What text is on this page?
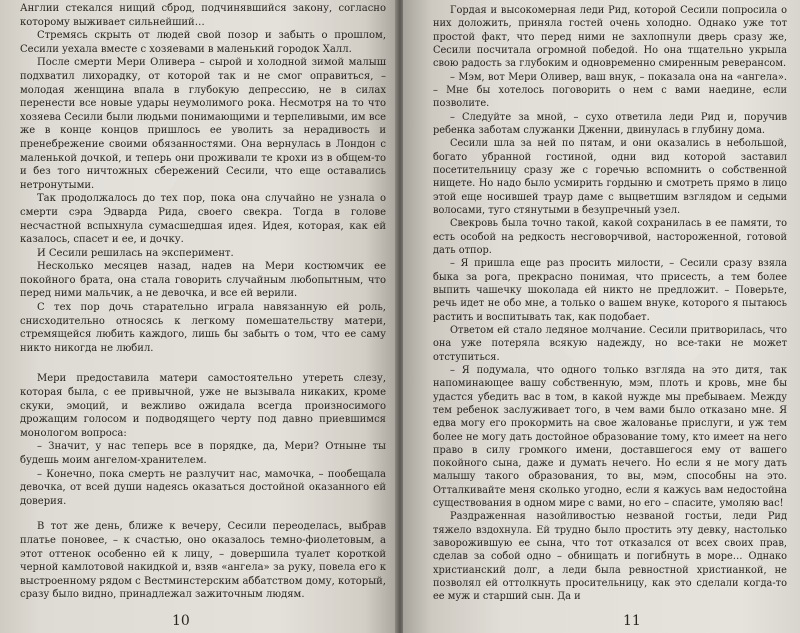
Англии стекался нищий сброд, подчинявшийся закону, согласно которому выживает сильнейший…

Стремясь скрыть от людей свой позор и забыть о прошлом, Сесили уехала вместе с хозяевами в маленький городок Халл.

После смерти Мери Оливера – сырой и холодной зимой малыш подхватил лихорадку, от которой так и не смог оправиться, – молодая женщина впала в глубокую депрессию, не в силах перенести все новые удары неумолимого рока. Несмотря на то что хозяева Сесили были людьми понимающими и терпеливыми, им все же в конце концов пришлось ее уволить за нерадивость и пренебрежение своими обязанностями. Она вернулась в Лондон с маленькой дочкой, и теперь они проживали те крохи из в общем-то и без того ничтожных сбережений Сесили, что еще оставались нетронутыми.

Так продолжалось до тех пор, пока она случайно не узнала о смерти сэра Эдварда Рида, своего свекра. Тогда в голове несчастной вспыхнула сумасшедшая идея. Идея, которая, как ей казалось, спасет и ее, и дочку.

И Сесили решилась на эксперимент.

Несколько месяцев назад, надев на Мери костюмчик ее покойного брата, она стала говорить случайным любопытным, что перед ними мальчик, а не девочка, и все ей верили.

С тех пор дочь старательно играла навязанную ей роль, снисходительно относясь к легкому помешательству матери, стремящейся любить каждого, лишь бы забыть о том, что ее саму никто никогда не любил.

Мери предоставила матери самостоятельно утереть слезу, которая была, с ее привычной, уже не вызывала никаких, кроме скуки, эмоций, и вежливо ожидала всегда произносимого дрожащим голосом и подводящего черту под давно приевшимся монологом вопроса:

– Значит, у нас теперь все в порядке, да, Мери? Отныне ты будешь моим ангелом-хранителем.

– Конечно, пока смерть не разлучит нас, мамочка, – пообещала девочка, от всей души надеясь оказаться достойной оказанного ей доверия.

В тот же день, ближе к вечеру, Сесили переоделась, выбрав платье поновее, – к счастью, оно оказалось темно-фиолетовым, а этот оттенок особенно ей к лицу, – довершила туалет короткой черной камлотовой накидкой и, взяв «ангела» за руку, повела его к выстроенному рядом с Вестминстерским аббатством дому, который, сразу было видно, принадлежал зажиточным людям.

10

Гордая и высокомерная леди Рид, которой Сесили попросила о них доложить, приняла гостей очень холодно. Однако уже тот простой факт, что перед ними не захлопнули дверь сразу же, Сесили посчитала огромной победой. Но она тщательно укрыла свою радость за глубоким и одновременно смиренным реверансом.

– Мэм, вот Мери Оливер, ваш внук, – показала она на «ангела». – Мне бы хотелось поговорить о нем с вами наедине, если позволите.

– Следуйте за мной, – сухо ответила леди Рид и, поручив ребенка заботам служанки Дженни, двинулась в глубину дома.

Сесили шла за ней по пятам, и они оказались в небольшой, богато убранной гостиной, одни вид которой заставил посетительницу сразу же с горечью вспомнить о собственной нищете. Но надо было усмирить гордыню и смотреть прямо в лицо этой еще носившей траур даме с выцветшим взглядом и седыми волосами, туго стянутыми в безупречный узел.

Свекровь была точно такой, какой сохранилась в ее памяти, то есть особой на редкость несговорчивой, настороженной, готовой дать отпор.

– Я пришла еще раз просить милости, – Сесили сразу взяла быка за рога, прекрасно понимая, что присесть, а тем более выпить чашечку шоколада ей никто не предложит. – Поверьте, речь идет не обо мне, а только о вашем внуке, которого я пытаюсь растить и воспитывать так, как подобает.

Ответом ей стало ледяное молчание. Сесили притворилась, что она уже потеряла всякую надежду, но все-таки не может отступиться.

– Я подумала, что одного только взгляда на это дитя, так напоминающее вашу собственную, мэм, плоть и кровь, мне бы удастся убедить вас в том, в какой нужде мы пребываем. Между тем ребенок заслуживает того, в чем вами было отказано мне. Я едва могу его прокормить на свое жалованье прислуги, и уж тем более не могу дать достойное образование тому, кто имеет на него право в силу громкого имени, доставшегося ему от вашего покойного сына, даже и думать нечего. Но если я не могу дать малышу такого образования, то вы, мэм, способны на это. Отталкивайте меня сколько угодно, если я кажусь вам недостойна существования в одном мире с вами, но его – спасите, умоляю вас!

Раздраженная назойливостью незваной гостьи, леди Рид тяжело вздохнула. Ей трудно было простить эту девку, настолько заворожившую ее сына, что тот отказался от всех своих прав, сделав за собой одно – обнищать и погибнуть в море… Однако христианский долг, а леди была ревностной христианкой, не позволял ей оттолкнуть просительницу, как это сделали когда-то ее муж и старший сын. Да и

11
